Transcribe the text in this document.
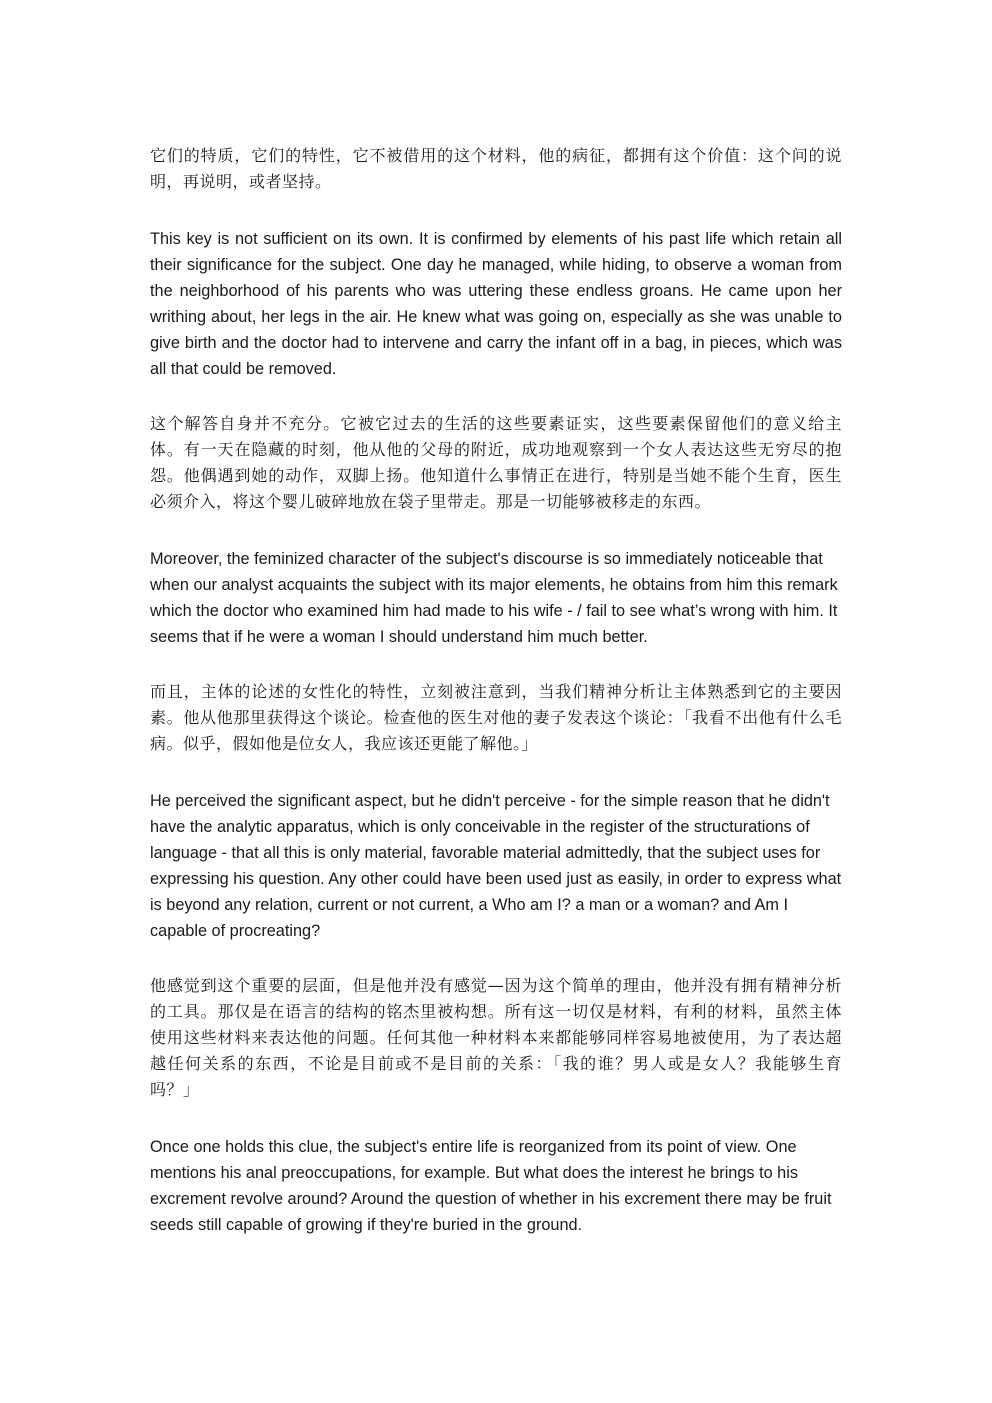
它们的特质，它们的特性，它不被借用的这个材料，他的病征，都拥有这个价值：这个问的说明，再说明，或者坚持。

This key is not sufficient on its own. It is confirmed by elements of his past life which retain all their significance for the subject. One day he managed, while hiding, to observe a woman from the neighborhood of his parents who was uttering these endless groans. He came upon her writhing about, her legs in the air. He knew what was going on, especially as she was unable to give birth and the doctor had to intervene and carry the infant off in a bag, in pieces, which was all that could be removed.

这个解答自身并不充分。它被它过去的生活的这些要素证实，这些要素保留他们的意义给主体。有一天在隐藏的时刻，他从他的父母的附近，成功地观察到一个女人表达这些无穷尽的抱怨。他偶遇到她的动作，双脚上扬。他知道什么事情正在进行，特别是当她不能个生育，医生必须介入，将这个婴儿破碎地放在袋子里带走。那是一切能够被移走的东西。

Moreover, the feminized character of the subject's discourse is so immediately noticeable that when our analyst acquaints the subject with its major elements, he obtains from him this remark which the doctor who examined him had made to his wife - / fail to see what’s wrong with him. It seems that if he were a woman I should understand him much better.

而且，主体的论述的女性化的特性，立刻被注意到，当我们精神分析让主体熟悉到它的主要因素。他从他那里获得这个谈论。检查他的医生对他的妻子发表这个谈论：「我看不出他有什么毛病。似乎，假如他是位女人，我应该还更能了解他。」

He perceived the significant aspect, but he didn't perceive - for the simple reason that he didn't have the analytic apparatus, which is only conceivable in the register of the structurations of language - that all this is only material, favorable material admittedly, that the subject uses for expressing his question. Any other could have been used just as easily, in order to express what is beyond any relation, current or not current, a Who am I? a man or a woman? and Am I capable of procreating?

他感觉到这个重要的层面，但是他并没有感觉—因为这个简单的理由，他并没有拥有精神分析的工具。那仅是在语言的结构的铭杰里被构想。所有这一切仅是材料，有利的材料，虽然主体使用这些材料来表达他的问题。任何其他一种材料本来都能够同样容易地被使用，为了表达超越任何关系的东西，不论是目前或不是目前的关系：「我的谁？男人或是女人？我能够生育吗？」

Once one holds this clue, the subject's entire life is reorganized from its point of view. One mentions his anal preoccupations, for example. But what does the interest he brings to his excrement revolve around? Around the question of whether in his excrement there may be fruit seeds still capable of growing if they're buried in the ground.
